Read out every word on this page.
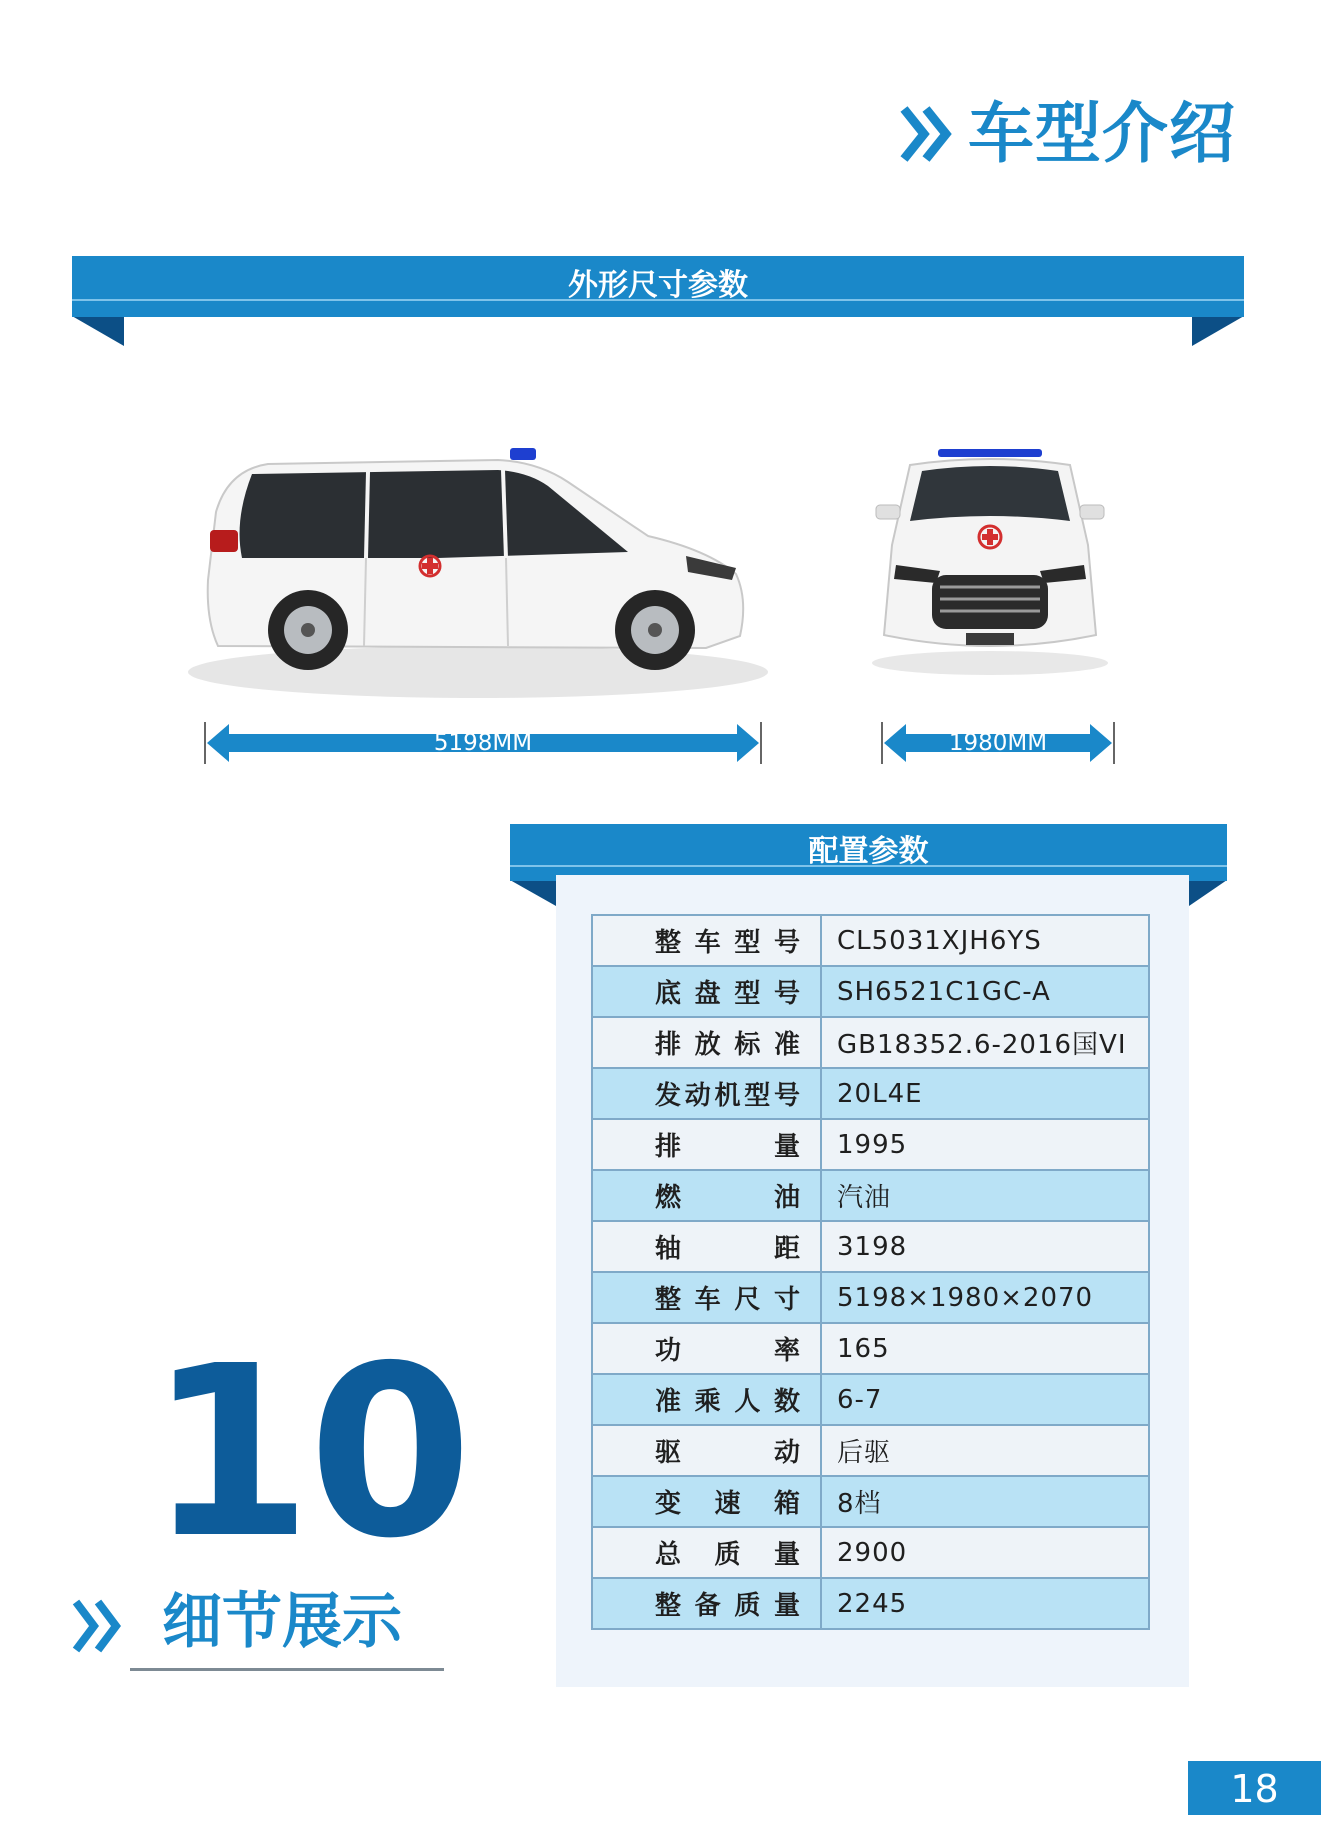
车型介绍
外形尺寸参数
5198MM	1980MM
配置参数
整车型号	CL5031XJH6YS
底盘型号	SH6521C1GC-A
排放标准	GB18352.6-2016国VI
发动机型号	20L4E
排量	1995
燃油	汽油
轴距	3198
整车尺寸	5198×1980×2070
功率	165
准乘人数	6-7
驱动	后驱
变速箱	8档
总质量	2900
整备质量	2245
10
细节展示
18
